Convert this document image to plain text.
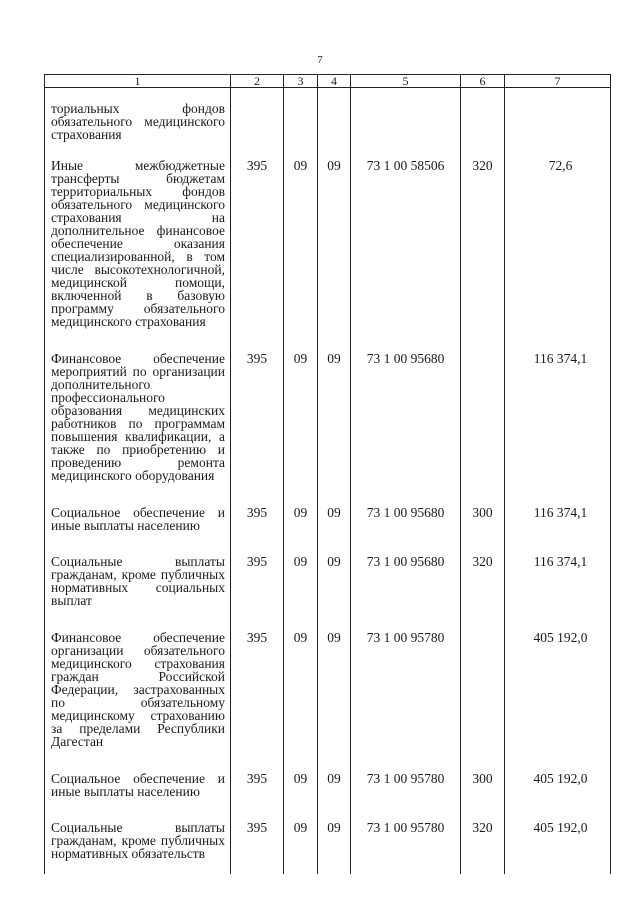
7
1	2	3	4	5	6	7
ториальных фондов обязательного медицинского страхования						
Иные межбюджетные трансферты бюджетам территориальных фондов обязательного медицинского страхования на дополнительное финансовое обеспечение оказания специализированной, в том числе высокотехнологичной, медицинской помощи, включенной в базовую программу обязательного медицинского страхования	395	09	09	73 1 00 58506	320	72,6
Финансовое обеспечение мероприятий по организации дополнительного профессионального образования медицинских работников по программам повышения квалификации, а также по приобретению и проведению ремонта медицинского оборудования	395	09	09	73 1 00 95680		116 374,1
Социальное обеспечение и иные выплаты населению	395	09	09	73 1 00 95680	300	116 374,1
Социальные выплаты гражданам, кроме публичных нормативных социальных выплат	395	09	09	73 1 00 95680	320	116 374,1
Финансовое обеспечение организации обязательного медицинского страхования граждан Российской Федерации, застрахованных по обязательному медицинскому страхованию за пределами Республики Дагестан	395	09	09	73 1 00 95780		405 192,0
Социальное обеспечение и иные выплаты населению	395	09	09	73 1 00 95780	300	405 192,0
Социальные выплаты гражданам, кроме публичных нормативных обязательств	395	09	09	73 1 00 95780	320	405 192,0
